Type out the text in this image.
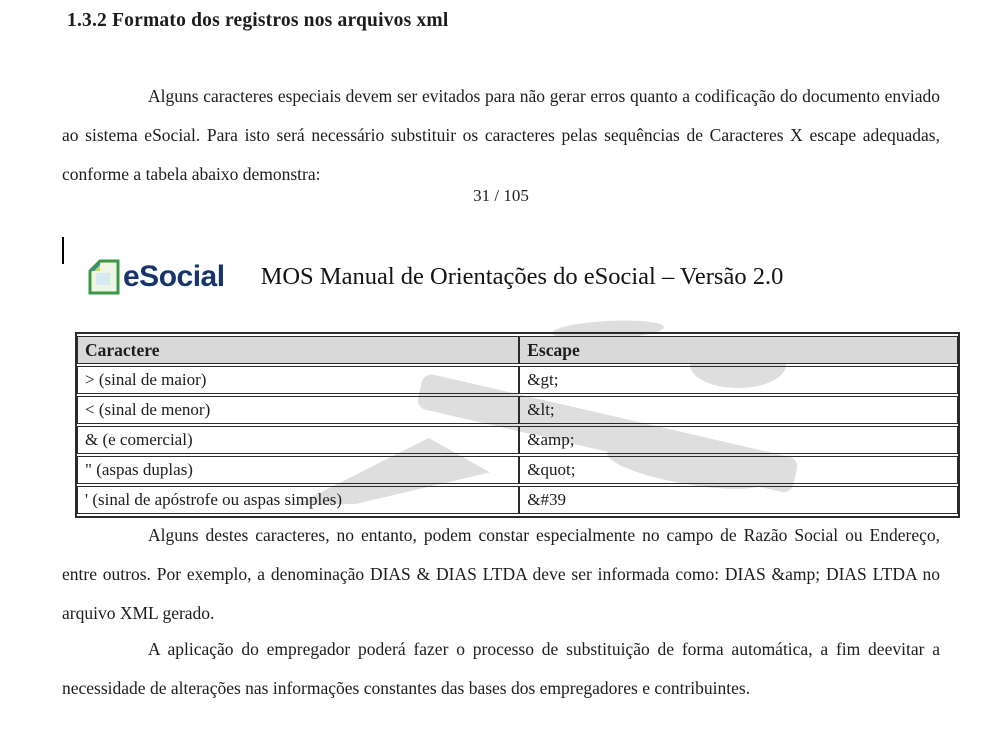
1.3.2 Formato dos registros nos arquivos xml

Alguns caracteres especiais devem ser evitados para não gerar erros quanto a codificação do documento enviado ao sistema eSocial. Para isto será necessário substituir os caracteres pelas sequências de Caracteres X escape adequadas, conforme a tabela abaixo demonstra:

31 / 105
eSocial MOS Manual de Orientações do eSocial – Versão 2.0
Caractere	Escape
> (sinal de maior)	&gt;
< (sinal de menor)	&lt;
& (e comercial)	&amp;
" (aspas duplas)	&quot;
' (sinal de apóstrofe ou aspas simples)	&#39

Alguns destes caracteres, no entanto, podem constar especialmente no campo de Razão Social ou Endereço, entre outros. Por exemplo, a denominação DIAS & DIAS LTDA deve ser informada como: DIAS &amp; DIAS LTDA no arquivo XML gerado.

A aplicação do empregador poderá fazer o processo de substituição de forma automática, a fim deevitar a necessidade de alterações nas informações constantes das bases dos empregadores e contribuintes.
